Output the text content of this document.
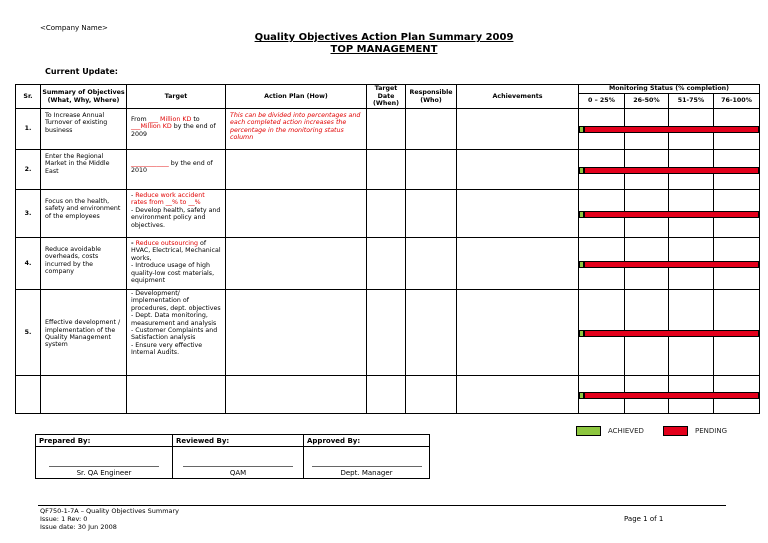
<Company Name>
Quality Objectives Action Plan Summary 2009
TOP MANAGEMENT
Current Update:
Sr.	Summary of Objectives (What, Why, Where)	Target	Action Plan (How)	Target Date (When)	Responsible (Who)	Achievements	Monitoring Status (% completion)			
							0 – 25%	26-50%	51-75%	76-100%
1.	To Increase Annual Turnover of existing business	From ___ Million KD to ___Million KD by the end of 2009	This can be divided into percentages and each completed action increases the percentage in the monitoring status column							
2.	Enter the Regional Market in the Middle East	____________ by the end of 2010								
3.	Focus on the health, safety and environment of the employees	- Reduce work accident rates from __% to __%
- Develop health, safety and environment policy and objectives.								

4.	Reduce avoidable overheads, costs incurred by the company	- Reduce outsourcing of HVAC, Electrical, Mechanical works,
- Introduce usage of high quality-low cost materials, equipment								

5.	Effective development / implementation of the Quality Management system	- Development/ implementation of procedures, dept. objectives
- Dept. Data monitoring, measurement and analysis
- Customer Complaints and Satisfaction analysis
- Ensure very effective Internal Audits.								

ACHIEVED	PENDING
Prepared By:	Reviewed By:	Approved By:

Sr. QA Engineer	QAM	Dept. Manager
QF750-1-7A – Quality Objectives Summary
Issue: 1 Rev: 0
Issue date: 30 Jun 2008
Page 1 of 1
